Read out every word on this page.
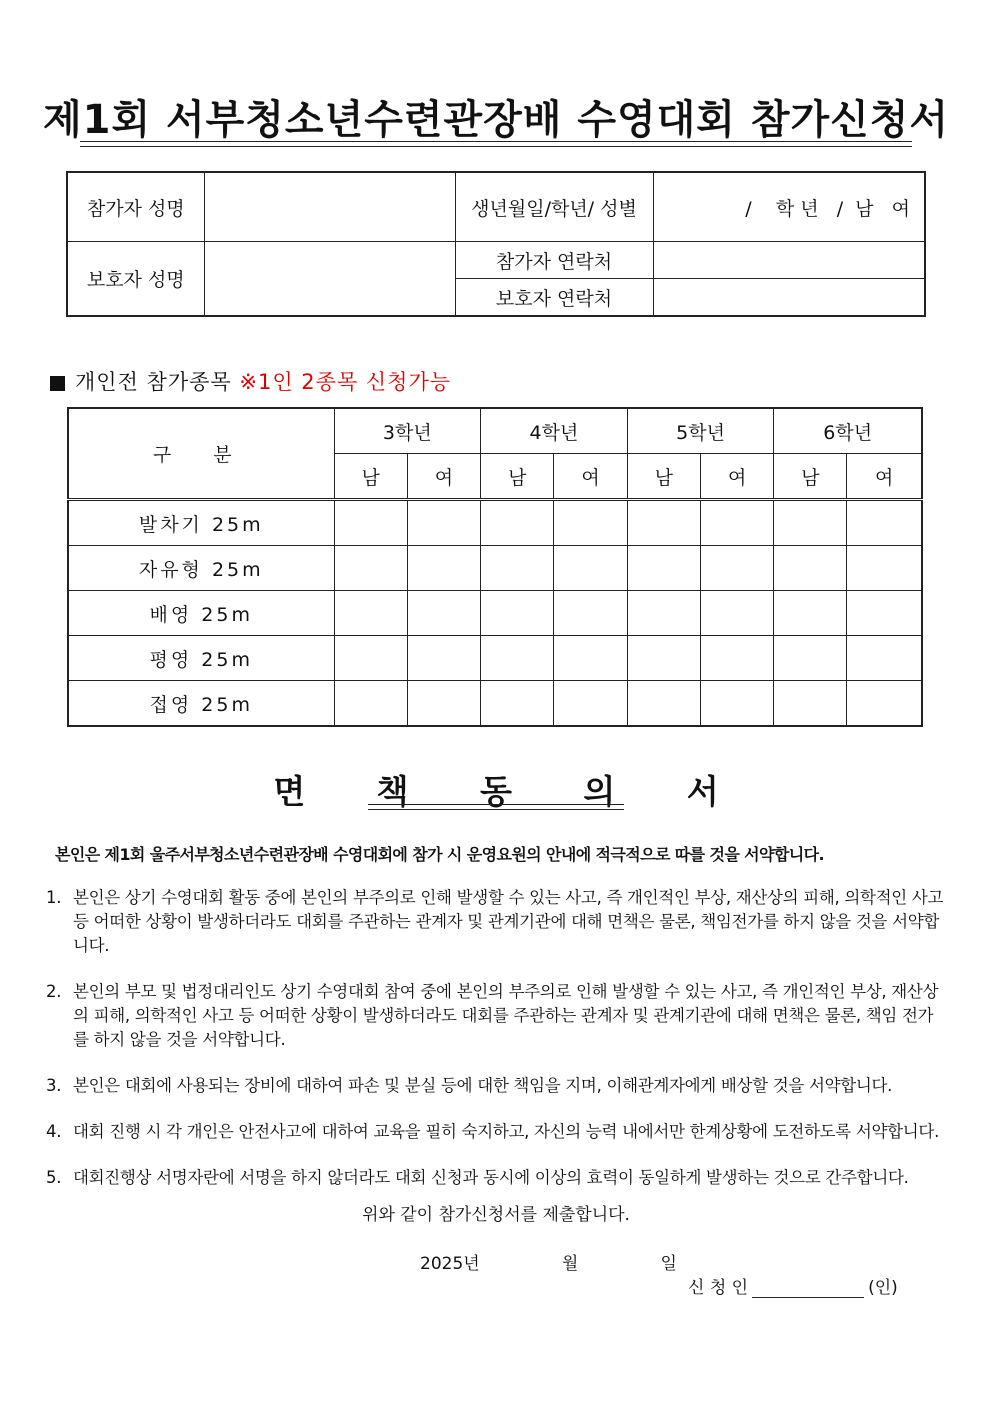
제1회 서부청소년수련관장배 수영대회 참가신청서
참가자 성명		생년월일/학년/ 성별	/    학 년   /  남   여
보호자 성명		참가자 연락처	
		보호자 연락처	
개인전 참가종목 ※1인 2종목 신청가능
구 분	3학년		4학년		5학년		6학년	
	남	여	남	여	남	여	남	여
발차기 25m								
자유형 25m								
배영 25m								
평영 25m								
접영 25m								
면 책 동 의 서
본인은 제1회 울주서부청소년수련관장배 수영대회에 참가 시 운영요원의 안내에 적극적으로 따를 것을 서약합니다.
1. 본인은 상기 수영대회 활동 중에 본인의 부주의로 인해 발생할 수 있는 사고, 즉 개인적인 부상, 재산상의 피해, 의학적인 사고 등 어떠한 상황이 발생하더라도 대회를 주관하는 관계자 및 관계기관에 대해 면책은 물론, 책임전가를 하지 않을 것을 서약합니다.
2. 본인의 부모 및 법정대리인도 상기 수영대회 참여 중에 본인의 부주의로 인해 발생할 수 있는 사고, 즉 개인적인 부상, 재산상의 피해, 의학적인 사고 등 어떠한 상황이 발생하더라도 대회를 주관하는 관계자 및 관계기관에 대해 면책은 물론, 책임 전가를 하지 않을 것을 서약합니다.
3. 본인은 대회에 사용되는 장비에 대하여 파손 및 분실 등에 대한 책임을 지며, 이해관계자에게 배상할 것을 서약합니다.
4. 대회 진행 시 각 개인은 안전사고에 대하여 교육을 필히 숙지하고, 자신의 능력 내에서만 한계상황에 도전하도록 서약합니다.
5. 대회진행상 서명자란에 서명을 하지 않더라도 대회 신청과 동시에 이상의 효력이 동일하게 발생하는 것으로 간주합니다.
위와 같이 참가신청서를 제출합니다.
2025년   월   일
신 청 인	(인)
